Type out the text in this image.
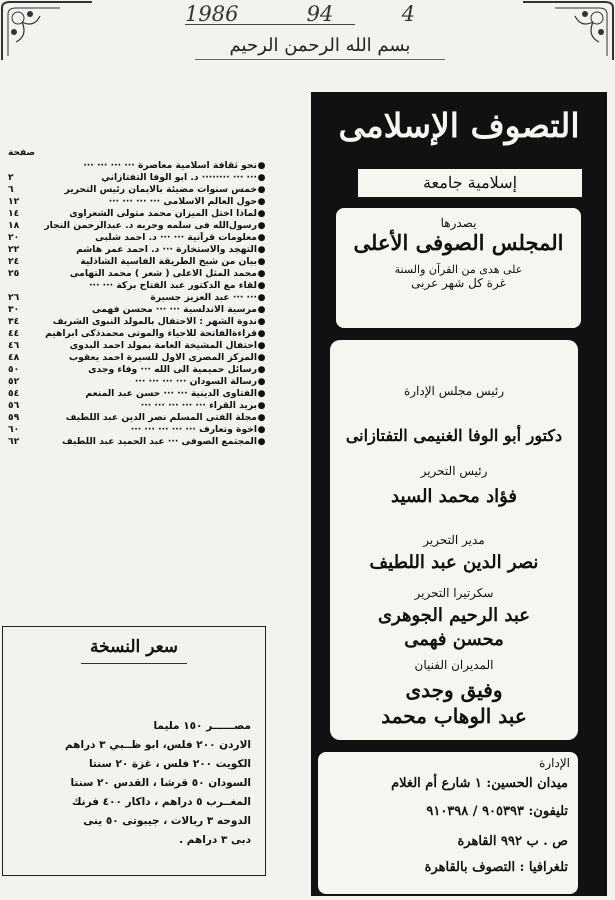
1986	94	4
بسم الله الرحمن الرحيم
صفحة
●
نحو ثقافة اسلامية معاصرة ··· ··· ··· ···
●
··· ··· ········ د. ابو الوفا التفتازاني
٢
●
خمس سنوات مضيئة بالايمان رئيس التحرير
٦
●
حول العالم الاسلامى ··· ··· ··· ···
١٢
●
لماذا اختل الميزان محمد متولى الشعراوى
١٤
●
رسول‌الله فى سلمه وحربه د. عبدالرحمن النجار
١٨
●
معلومات قرآنية ··· ··· د. احمد شلبى
٢٠
●
التهجد والاستخارة ··· د. احمد عمر هاشم
٢٢
●
بيان من شيخ الطريقة الفاسية الشاذلية
٢٤
●
محمد المثل الاعلى ( شعر ) محمد التهامى
٢٥
●
لقاء مع الدكتور عبد الفتاح بركة ··· ···
●
··· ··· عبد العزيز جسيرة
٢٦
●
مرسية الاندلسية ··· ··· محسن فهمى
٣٠
●
ندوة الشهر : الاحتفال بالمولد النبوى الشريف
٣٤
●
قراءةالفاتحة للاحياء والموتى محمدذكى ابراهيم
٤٤
●
احتفال المشيخة العامة بمولد احمد البدوى
٤٦
●
المركز المصرى الاول للسيرة احمد يعقوب
٤٨
●
رسائل حميمية الى الله ··· وفاء وجدى
٥٠
●
رسالة السودان ··· ··· ··· ···
٥٢
●
الفتاوى الدينية ··· ··· حسن عبد المنعم
٥٤
●
بريد القراء ··· ··· ··· ··· ···
٥٦
●
مجلة الفتى المسلم نصر الدين عبد اللطيف
٥٩
●
اخوة وتعارف ··· ··· ··· ··· ···
٦٠
●
المجتمع الصوفى ··· عبد الحميد عبد اللطيف
٦٢
سعر النسخة
مصــــــر ١٥٠ مليما
الاردن ٢٠٠ فلس، ابو ظــبي ٣ دراهم
الكويت ٢٠٠ فلس ، غزة ٢٠ سنتا
السودان ٥٠ قرشا ، القدس ٢٠ سنتا
المغــرب ٥ دراهم ، داكار ٤٠٠ فرنك
الدوحه ٣ ريالات ، جيبوتى ٥٠ ينى
دبى ٣ دراهم .
التصوف الإسلامى
إسلامية جامعة
يصدرها
المجلس الصوفى الأعلى
على هدى من القرآن والسنة
غرة كل شهر عربى
رئيس مجلس الإدارة
دكتور أبو الوفا الغنيمى التفتازانى
رئيس التحرير
فؤاد محمد السيد
مدير التحرير
نصر الدين عبد اللطيف
سكرتيرا التحرير
عبد الرحيم الجوهرى
محسن فهمى
المديران الفنيان
وفيق وجدى
عبد الوهاب محمد
الإدارة
ميدان الحسين: ١ شارع أم الغلام
تليفون: ٩٠٥٣٩٣ / ٩١٠٣٩٨
ص . ب ٩٩٢ القاهرة
تلغرافيا : التصوف بالقاهرة
